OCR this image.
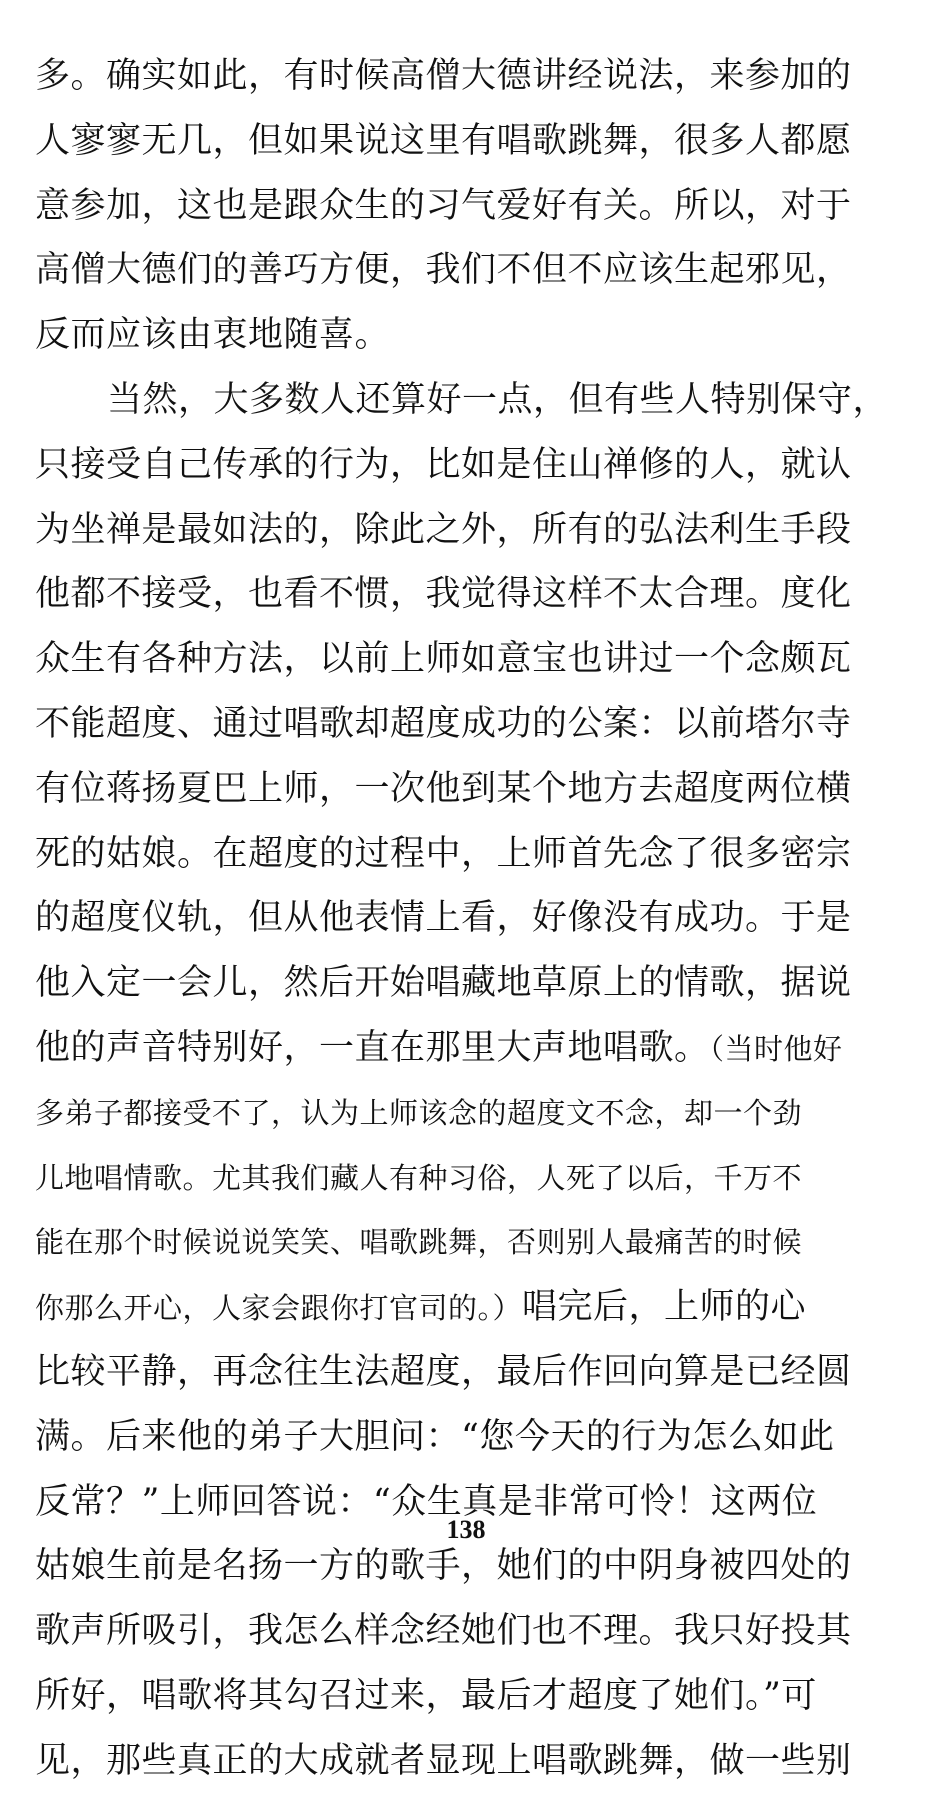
多。确实如此，有时候高僧大德讲经说法，来参加的
人寥寥无几，但如果说这里有唱歌跳舞，很多人都愿
意参加，这也是跟众生的习气爱好有关。所以，对于
高僧大德们的善巧方便，我们不但不应该生起邪见，
反而应该由衷地随喜。
当然，大多数人还算好一点，但有些人特别保守，
只接受自己传承的行为，比如是住山禅修的人，就认
为坐禅是最如法的，除此之外，所有的弘法利生手段
他都不接受，也看不惯，我觉得这样不太合理。度化
众生有各种方法，以前上师如意宝也讲过一个念颇瓦
不能超度、通过唱歌却超度成功的公案：以前塔尔寺
有位蒋扬夏巴上师，一次他到某个地方去超度两位横
死的姑娘。在超度的过程中，上师首先念了很多密宗
的超度仪轨，但从他表情上看，好像没有成功。于是
他入定一会儿，然后开始唱藏地草原上的情歌，据说
他的声音特别好，一直在那里大声地唱歌。（当时他好
多弟子都接受不了，认为上师该念的超度文不念，却一个劲
儿地唱情歌。尤其我们藏人有种习俗，人死了以后，千万不
能在那个时候说说笑笑、唱歌跳舞，否则别人最痛苦的时候
你那么开心，人家会跟你打官司的。）唱完后，上师的心
比较平静，再念往生法超度，最后作回向算是已经圆
满。后来他的弟子大胆问：“您今天的行为怎么如此
反常？”上师回答说：“众生真是非常可怜！这两位
姑娘生前是名扬一方的歌手，她们的中阴身被四处的
歌声所吸引，我怎么样念经她们也不理。我只好投其
所好，唱歌将其勾召过来，最后才超度了她们。”可
见，那些真正的大成就者显现上唱歌跳舞，做一些别
138
